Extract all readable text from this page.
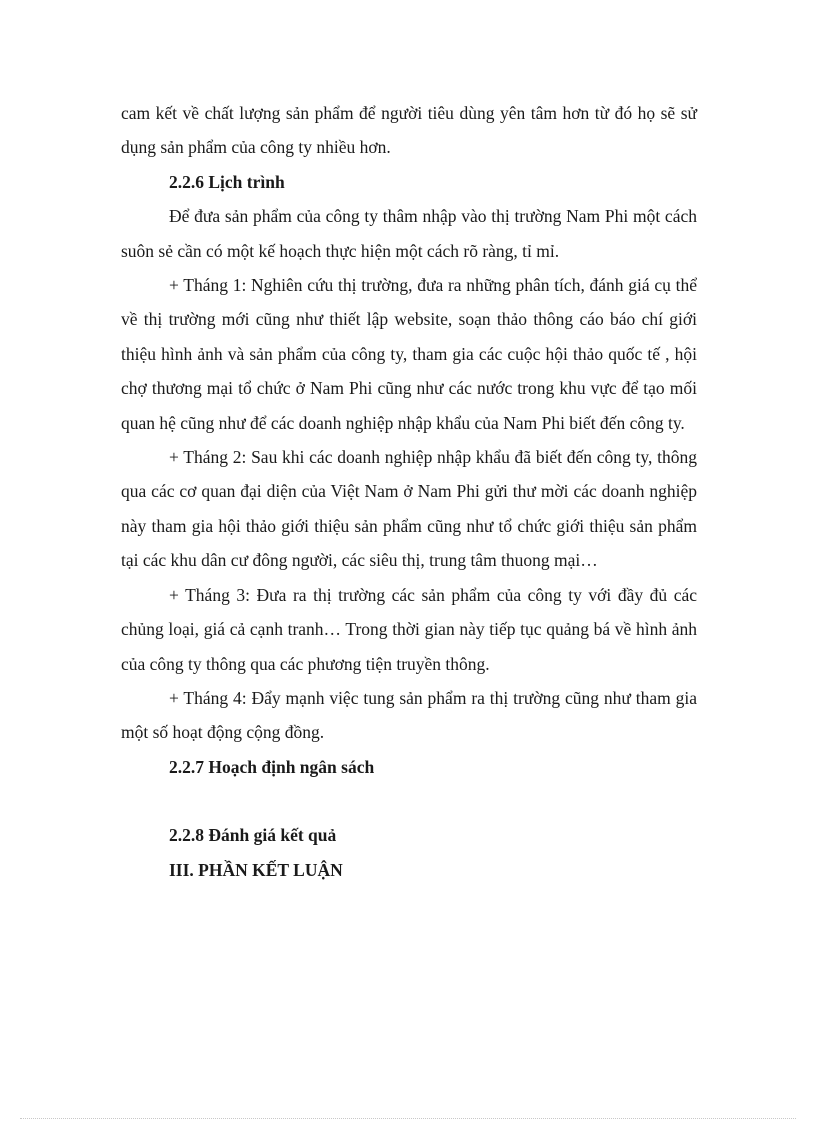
cam kết về chất lượng sản phẩm để người tiêu dùng yên tâm hơn từ đó họ sẽ sử dụng sản phẩm của công ty nhiều hơn.

2.2.6 Lịch trình

Để đưa sản phẩm của công ty thâm nhập vào thị trường Nam Phi một cách suôn sẻ cần có một kế hoạch thực hiện một cách rõ ràng, tỉ mỉ.

+ Tháng 1: Nghiên cứu thị trường, đưa ra những phân tích, đánh giá cụ thể về thị trường mới cũng như thiết lập website, soạn thảo thông cáo báo chí giới thiệu hình ảnh và sản phẩm của công ty, tham gia các cuộc hội thảo quốc tế , hội chợ thương mại tổ chức ở Nam Phi cũng như các nước trong khu vực để tạo mối quan hệ cũng như để các doanh nghiệp nhập khẩu của Nam Phi biết đến công ty.

+ Tháng 2: Sau khi các doanh nghiệp nhập khẩu đã biết đến công ty, thông qua các cơ quan đại diện của Việt Nam ở Nam Phi gửi thư mời các doanh nghiệp này tham gia hội thảo giới thiệu sản phẩm cũng như tổ chức giới thiệu sản phẩm tại các khu dân cư đông người, các siêu thị, trung tâm thuong mại…

+ Tháng 3: Đưa ra thị trường các sản phẩm của công ty với đầy đủ các chủng loại, giá cả cạnh tranh… Trong thời gian này tiếp tục quảng bá về hình ảnh của công ty thông qua các phương tiện truyền thông.

+ Tháng 4: Đẩy mạnh việc tung sản phẩm ra thị trường cũng như tham gia một số hoạt động cộng đồng.

2.2.7 Hoạch định ngân sách

2.2.8 Đánh giá kết quả

III. PHẦN KẾT LUẬN
